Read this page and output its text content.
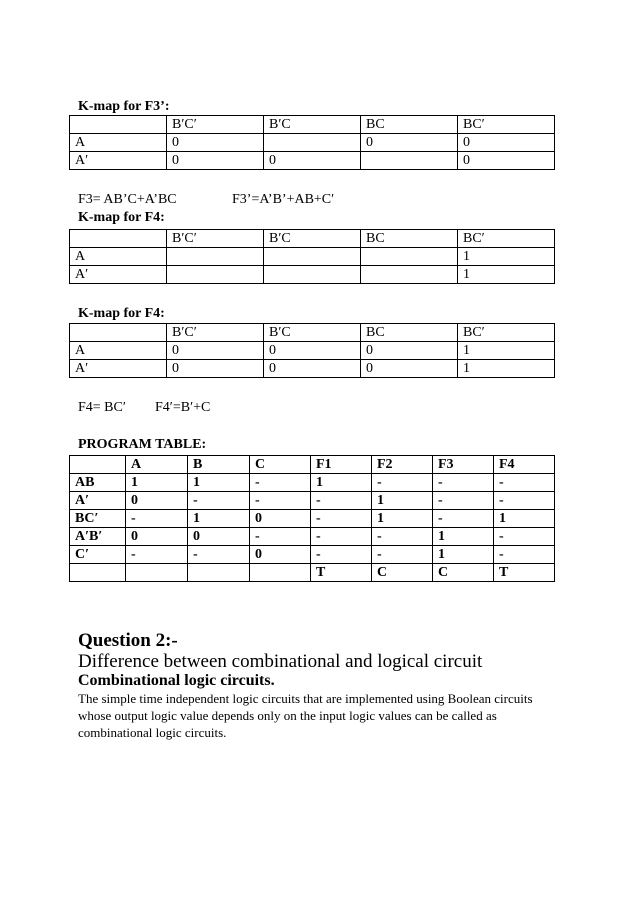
K-map for F3’:

	B′C′	B′C	BC	BC′
A	0		0	0
A′	0	0		0

F3= AB’C+A’BC	F3’=A’B’+AB+C′

K-map for F4:

	B′C′	B′C	BC	BC′
A				1
A′				1

K-map for F4:

	B′C′	B′C	BC	BC′
A	0	0	0	1
A′	0	0	0	1

F4= BC′ F4′=B′+C

PROGRAM TABLE:

	A	B	C	F1	F2	F3	F4
AB	1	1	-	1	-	-	-
A′	0	-	-	-	1	-	-
BC′	-	1	0	-	1	-	1
A′B′	0	0	-	-	-	1	-
C′	-	-	0	-	-	1	-
				T	C	C	T

Question 2:-

Difference between combinational and logical circuit

Combinational logic circuits.

The simple time independent logic circuits that are implemented using Boolean circuits whose output logic value depends only on the input logic values can be called as combinational logic circuits.
